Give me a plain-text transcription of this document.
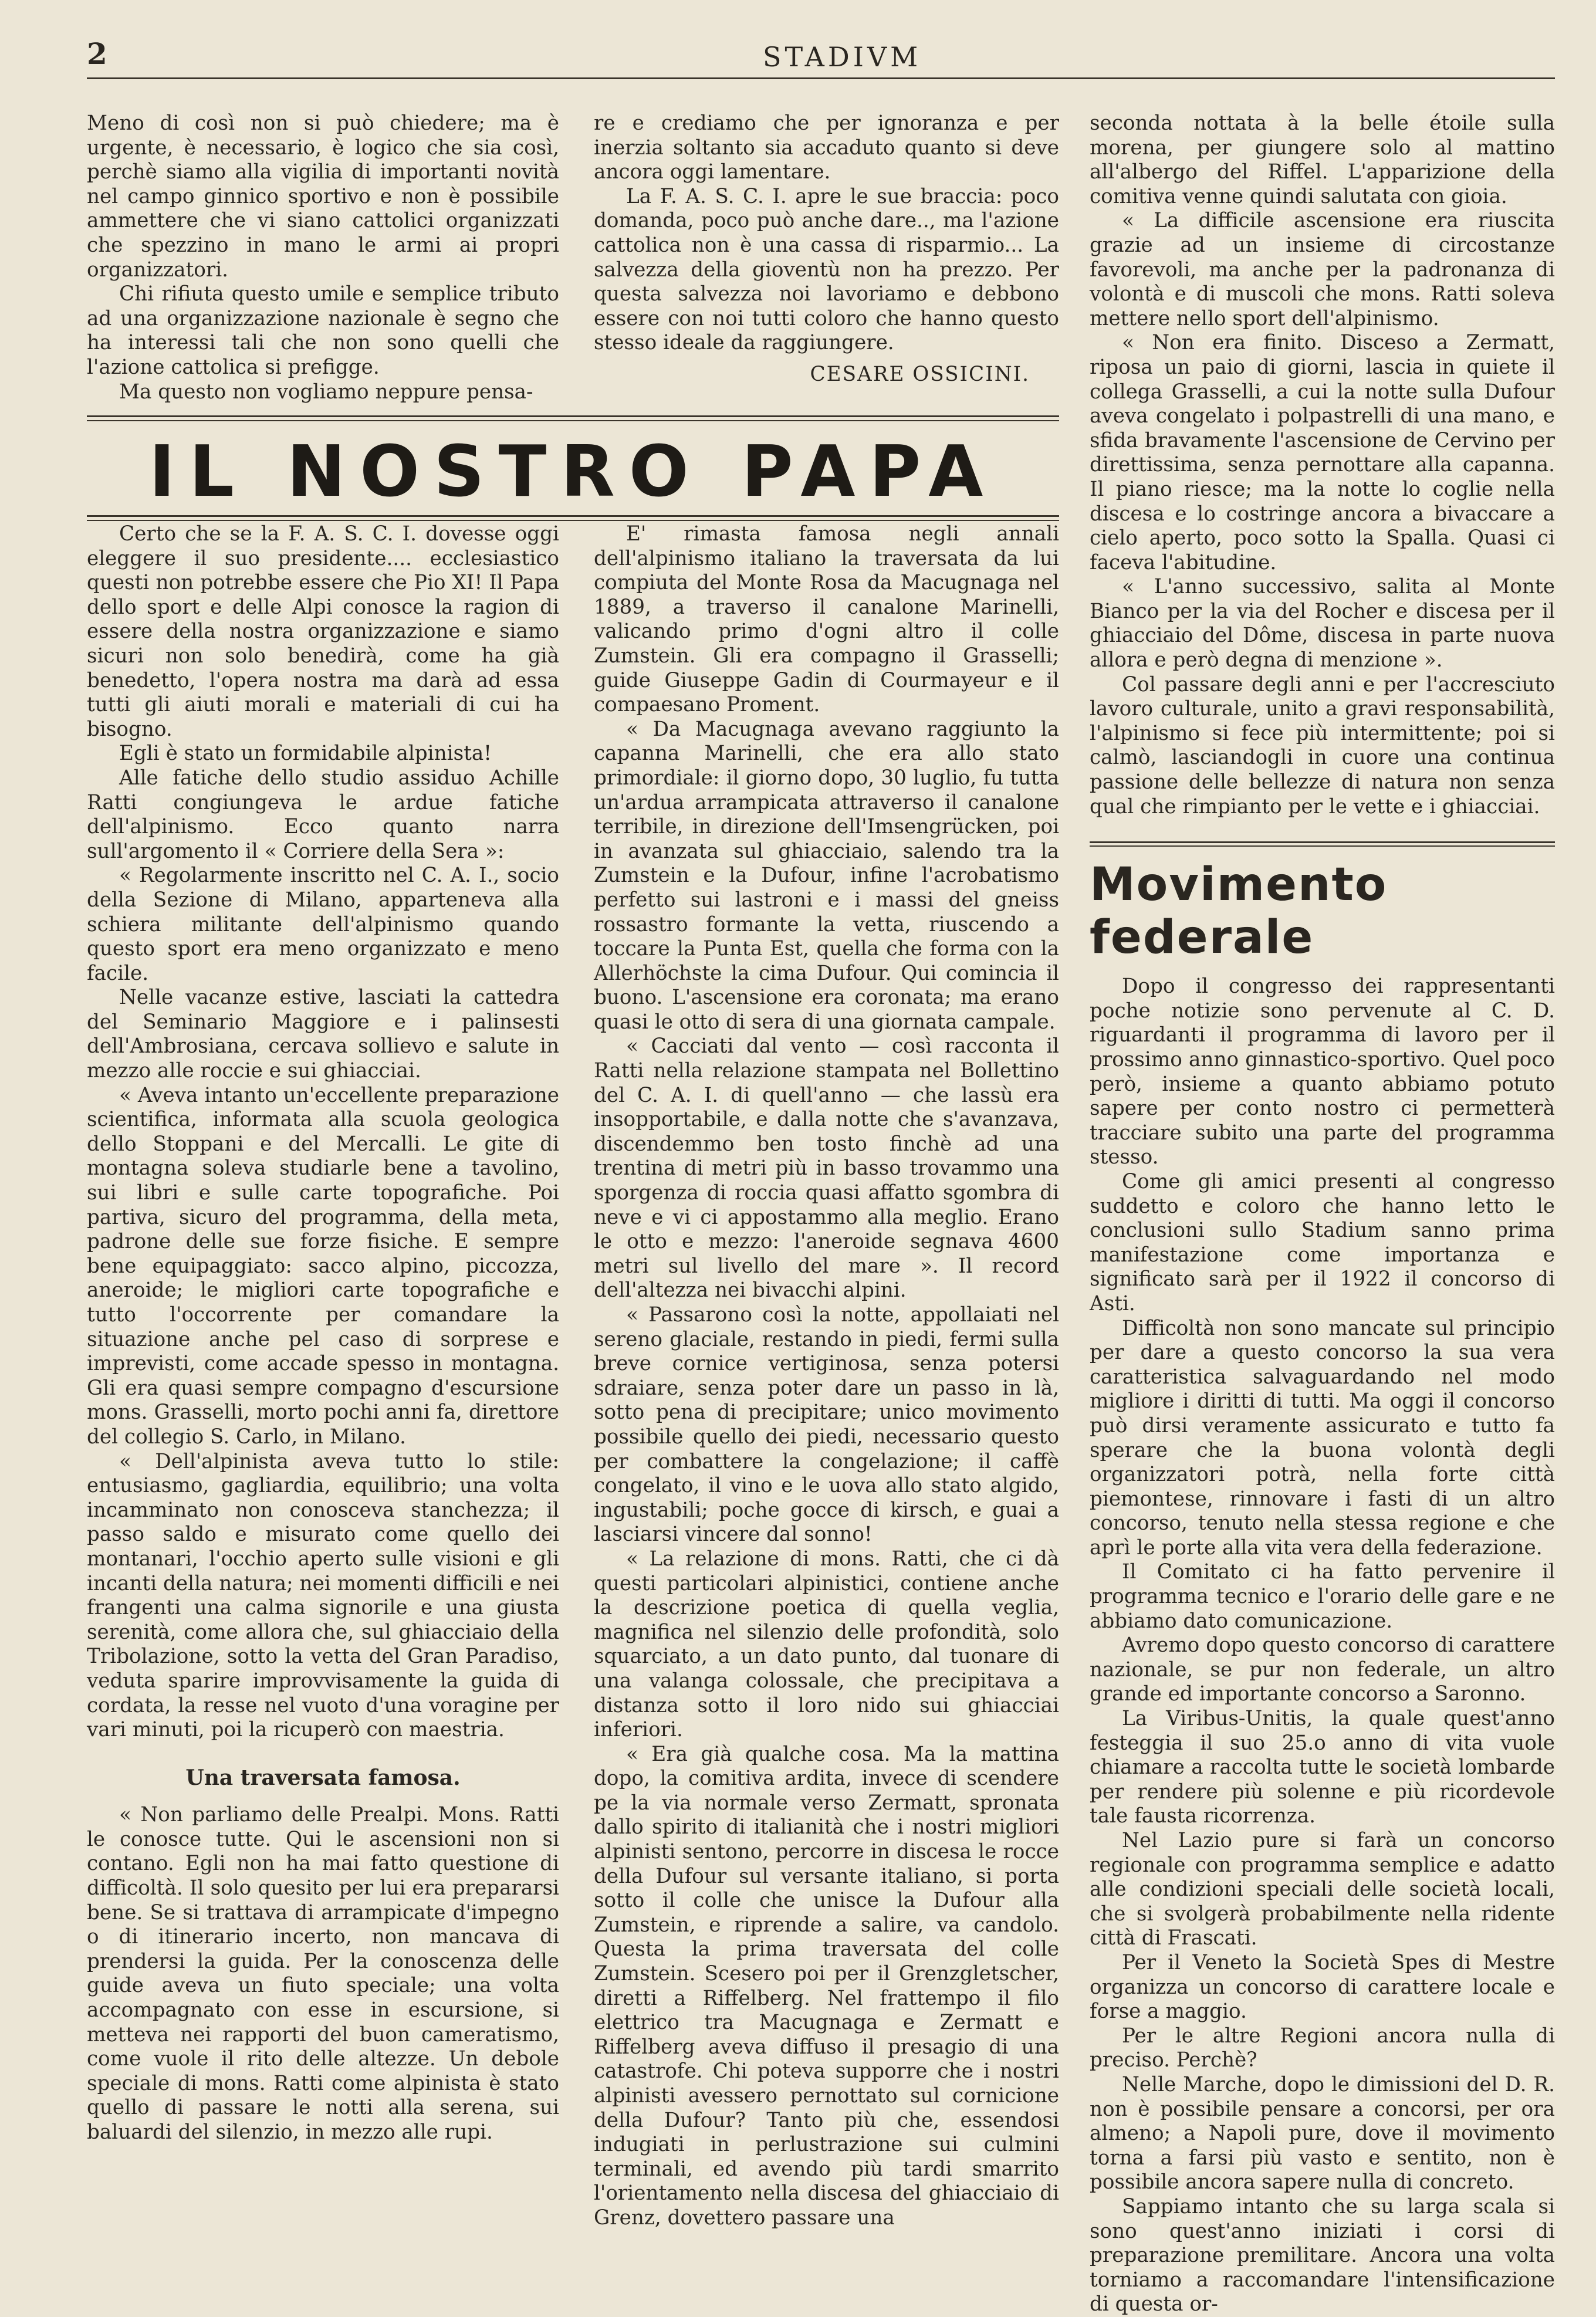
2	STADIVM

Meno di così non si può chiedere; ma è urgente, è necessario, è logico che sia così, perchè siamo alla vigilia di importanti novità nel campo ginnico sportivo e non è possibile ammettere che vi siano cattolici organizzati che spezzino in mano le armi ai propri organizzatori.

Chi rifiuta questo umile e semplice tributo ad una organizzazione nazionale è segno che ha interessi tali che non sono quelli che l'azione cattolica si prefigge.

Ma questo non vogliamo neppure pensa-

re e crediamo che per ignoranza e per inerzia soltanto sia accaduto quanto si deve ancora oggi lamentare.

La F. A. S. C. I. apre le sue braccia: poco domanda, poco può anche dare.., ma l'azione cattolica non è una cassa di risparmio... La salvezza della gioventù non ha prezzo. Per questa salvezza noi lavoriamo e debbono essere con noi tutti coloro che hanno questo stesso ideale da raggiungere.

CESARE OSSICINI.

IL NOSTRO PAPA

Certo che se la F. A. S. C. I. dovesse oggi eleggere il suo presidente.... ecclesiastico questi non potrebbe essere che Pio XI! Il Papa dello sport e delle Alpi conosce la ragion di essere della nostra organizzazione e siamo sicuri non solo benedirà, come ha già benedetto, l'opera nostra ma darà ad essa tutti gli aiuti morali e materiali di cui ha bisogno.

Egli è stato un formidabile alpinista!

Alle fatiche dello studio assiduo Achille Ratti congiungeva le ardue fatiche dell'alpinismo. Ecco quanto narra sull'argomento il « Corriere della Sera »:

« Regolarmente inscritto nel C. A. I., socio della Sezione di Milano, apparteneva alla schiera militante dell'alpinismo quando questo sport era meno organizzato e meno facile.

Nelle vacanze estive, lasciati la cattedra del Seminario Maggiore e i palinsesti dell'Ambrosiana, cercava sollievo e salute in mezzo alle roccie e sui ghiacciai.

« Aveva intanto un'eccellente preparazione scientifica, informata alla scuola geologica dello Stoppani e del Mercalli. Le gite di montagna soleva studiarle bene a tavolino, sui libri e sulle carte topografiche. Poi partiva, sicuro del programma, della meta, padrone delle sue forze fisiche. E sempre bene equipaggiato: sacco alpino, piccozza, aneroide; le migliori carte topografiche e tutto l'occorrente per comandare la situazione anche pel caso di sorprese e imprevisti, come accade spesso in montagna. Gli era quasi sempre compagno d'escursione mons. Grasselli, morto pochi anni fa, direttore del collegio S. Carlo, in Milano.

« Dell'alpinista aveva tutto lo stile: entusiasmo, gagliardia, equilibrio; una volta incamminato non conosceva stanchezza; il passo saldo e misurato come quello dei montanari, l'occhio aperto sulle visioni e gli incanti della natura; nei momenti difficili e nei frangenti una calma signorile e una giusta serenità, come allora che, sul ghiacciaio della Tribolazione, sotto la vetta del Gran Paradiso, veduta sparire improvvisamente la guida di cordata, la resse nel vuoto d'una voragine per vari minuti, poi la ricuperò con maestria.

Una traversata famosa.

« Non parliamo delle Prealpi. Mons. Ratti le conosce tutte. Qui le ascensioni non si contano. Egli non ha mai fatto questione di difficoltà. Il solo quesito per lui era prepararsi bene. Se si trattava di arrampicate d'impegno o di itinerario incerto, non mancava di prendersi la guida. Per la conoscenza delle guide aveva un fiuto speciale; una volta accompagnato con esse in escursione, si metteva nei rapporti del buon cameratismo, come vuole il rito delle altezze. Un debole speciale di mons. Ratti come alpinista è stato quello di passare le notti alla serena, sui baluardi del silenzio, in mezzo alle rupi.

E' rimasta famosa negli annali dell'alpinismo italiano la traversata da lui compiuta del Monte Rosa da Macugnaga nel 1889, a traverso il canalone Marinelli, valicando primo d'ogni altro il colle Zumstein. Gli era compagno il Grasselli; guide Giuseppe Gadin di Courmayeur e il compaesano Proment.

« Da Macugnaga avevano raggiunto la capanna Marinelli, che era allo stato primordiale: il giorno dopo, 30 luglio, fu tutta un'ardua arrampicata attraverso il canalone terribile, in direzione dell'Imsengrücken, poi in avanzata sul ghiacciaio, salendo tra la Zumstein e la Dufour, infine l'acrobatismo perfetto sui lastroni e i massi del gneiss rossastro formante la vetta, riuscendo a toccare la Punta Est, quella che forma con la Allerhöchste la cima Dufour. Qui comincia il buono. L'ascensione era coronata; ma erano quasi le otto di sera di una giornata campale.

« Cacciati dal vento — così racconta il Ratti nella relazione stampata nel Bollettino del C. A. I. di quell'anno — che lassù era insopportabile, e dalla notte che s'avanzava, discendemmo ben tosto finchè ad una trentina di metri più in basso trovammo una sporgenza di roccia quasi affatto sgombra di neve e vi ci appostammo alla meglio. Erano le otto e mezzo: l'aneroide segnava 4600 metri sul livello del mare ». Il record dell'altezza nei bivacchi alpini.

« Passarono così la notte, appollaiati nel sereno glaciale, restando in piedi, fermi sulla breve cornice vertiginosa, senza potersi sdraiare, senza poter dare un passo in là, sotto pena di precipitare; unico movimento possibile quello dei piedi, necessario questo per combattere la congelazione; il caffè congelato, il vino e le uova allo stato algido, ingustabili; poche gocce di kirsch, e guai a lasciarsi vincere dal sonno!

« La relazione di mons. Ratti, che ci dà questi particolari alpinistici, contiene anche la descrizione poetica di quella veglia, magnifica nel silenzio delle profondità, solo squarciato, a un dato punto, dal tuonare di una valanga colossale, che precipitava a distanza sotto il loro nido sui ghiacciai inferiori.

« Era già qualche cosa. Ma la mattina dopo, la comitiva ardita, invece di scendere pe la via normale verso Zermatt, spronata dallo spirito di italianità che i nostri migliori alpinisti sentono, percorre in discesa le rocce della Dufour sul versante italiano, si porta sotto il colle che unisce la Dufour alla Zumstein, e riprende a salire, va candolo. Questa la prima traversata del colle Zumstein. Scesero poi per il Grenzgletscher, diretti a Riffelberg. Nel frattempo il filo elettrico tra Macugnaga e Zermatt e Riffelberg aveva diffuso il presagio di una catastrofe. Chi poteva supporre che i nostri alpinisti avessero pernottato sul cornicione della Dufour? Tanto più che, essendosi indugiati in perlustrazione sui culmini terminali, ed avendo più tardi smarrito l'orientamento nella discesa del ghiacciaio di Grenz, dovettero passare una

seconda nottata à la belle étoile sulla morena, per giungere solo al mattino all'albergo del Riffel. L'apparizione della comitiva venne quindi salutata con gioia.

« La difficile ascensione era riuscita grazie ad un insieme di circostanze favorevoli, ma anche per la padronanza di volontà e di muscoli che mons. Ratti soleva mettere nello sport dell'alpinismo.

« Non era finito. Disceso a Zermatt, riposa un paio di giorni, lascia in quiete il collega Grasselli, a cui la notte sulla Dufour aveva congelato i polpastrelli di una mano, e sfida bravamente l'ascensione de Cervino per direttissima, senza pernottare alla capanna. Il piano riesce; ma la notte lo coglie nella discesa e lo costringe ancora a bivaccare a cielo aperto, poco sotto la Spalla. Quasi ci faceva l'abitudine.

« L'anno successivo, salita al Monte Bianco per la via del Rocher e discesa per il ghiacciaio del Dôme, discesa in parte nuova allora e però degna di menzione ».

Col passare degli anni e per l'accresciuto lavoro culturale, unito a gravi responsabilità, l'alpinismo si fece più intermittente; poi si calmò, lasciandogli in cuore una continua passione delle bellezze di natura non senza qual che rimpianto per le vette e i ghiacciai.

Movimento federale

Dopo il congresso dei rappresentanti poche notizie sono pervenute al C. D. riguardanti il programma di lavoro per il prossimo anno ginnastico-sportivo. Quel poco però, insieme a quanto abbiamo potuto sapere per conto nostro ci permetterà tracciare subito una parte del programma stesso.

Come gli amici presenti al congresso suddetto e coloro che hanno letto le conclusioni sullo Stadium sanno prima manifestazione come importanza e significato sarà per il 1922 il concorso di Asti.

Difficoltà non sono mancate sul principio per dare a questo concorso la sua vera caratteristica salvaguardando nel modo migliore i diritti di tutti. Ma oggi il concorso può dirsi veramente assicurato e tutto fa sperare che la buona volontà degli organizzatori potrà, nella forte città piemontese, rinnovare i fasti di un altro concorso, tenuto nella stessa regione e che aprì le porte alla vita vera della federazione.

Il Comitato ci ha fatto pervenire il programma tecnico e l'orario delle gare e ne abbiamo dato comunicazione.

Avremo dopo questo concorso di carattere nazionale, se pur non federale, un altro grande ed importante concorso a Saronno.

La Viribus-Unitis, la quale quest'anno festeggia il suo 25.o anno di vita vuole chiamare a raccolta tutte le società lombarde per rendere più solenne e più ricordevole tale fausta ricorrenza.

Nel Lazio pure si farà un concorso regionale con programma semplice e adatto alle condizioni speciali delle società locali, che si svolgerà probabilmente nella ridente città di Frascati.

Per il Veneto la Società Spes di Mestre organizza un concorso di carattere locale e forse a maggio.

Per le altre Regioni ancora nulla di preciso. Perchè?

Nelle Marche, dopo le dimissioni del D. R. non è possibile pensare a concorsi, per ora almeno; a Napoli pure, dove il movimento torna a farsi più vasto e sentito, non è possibile ancora sapere nulla di concreto.

Sappiamo intanto che su larga scala si sono quest'anno iniziati i corsi di preparazione premilitare. Ancora una volta torniamo a raccomandare l'intensificazione di questa or-
